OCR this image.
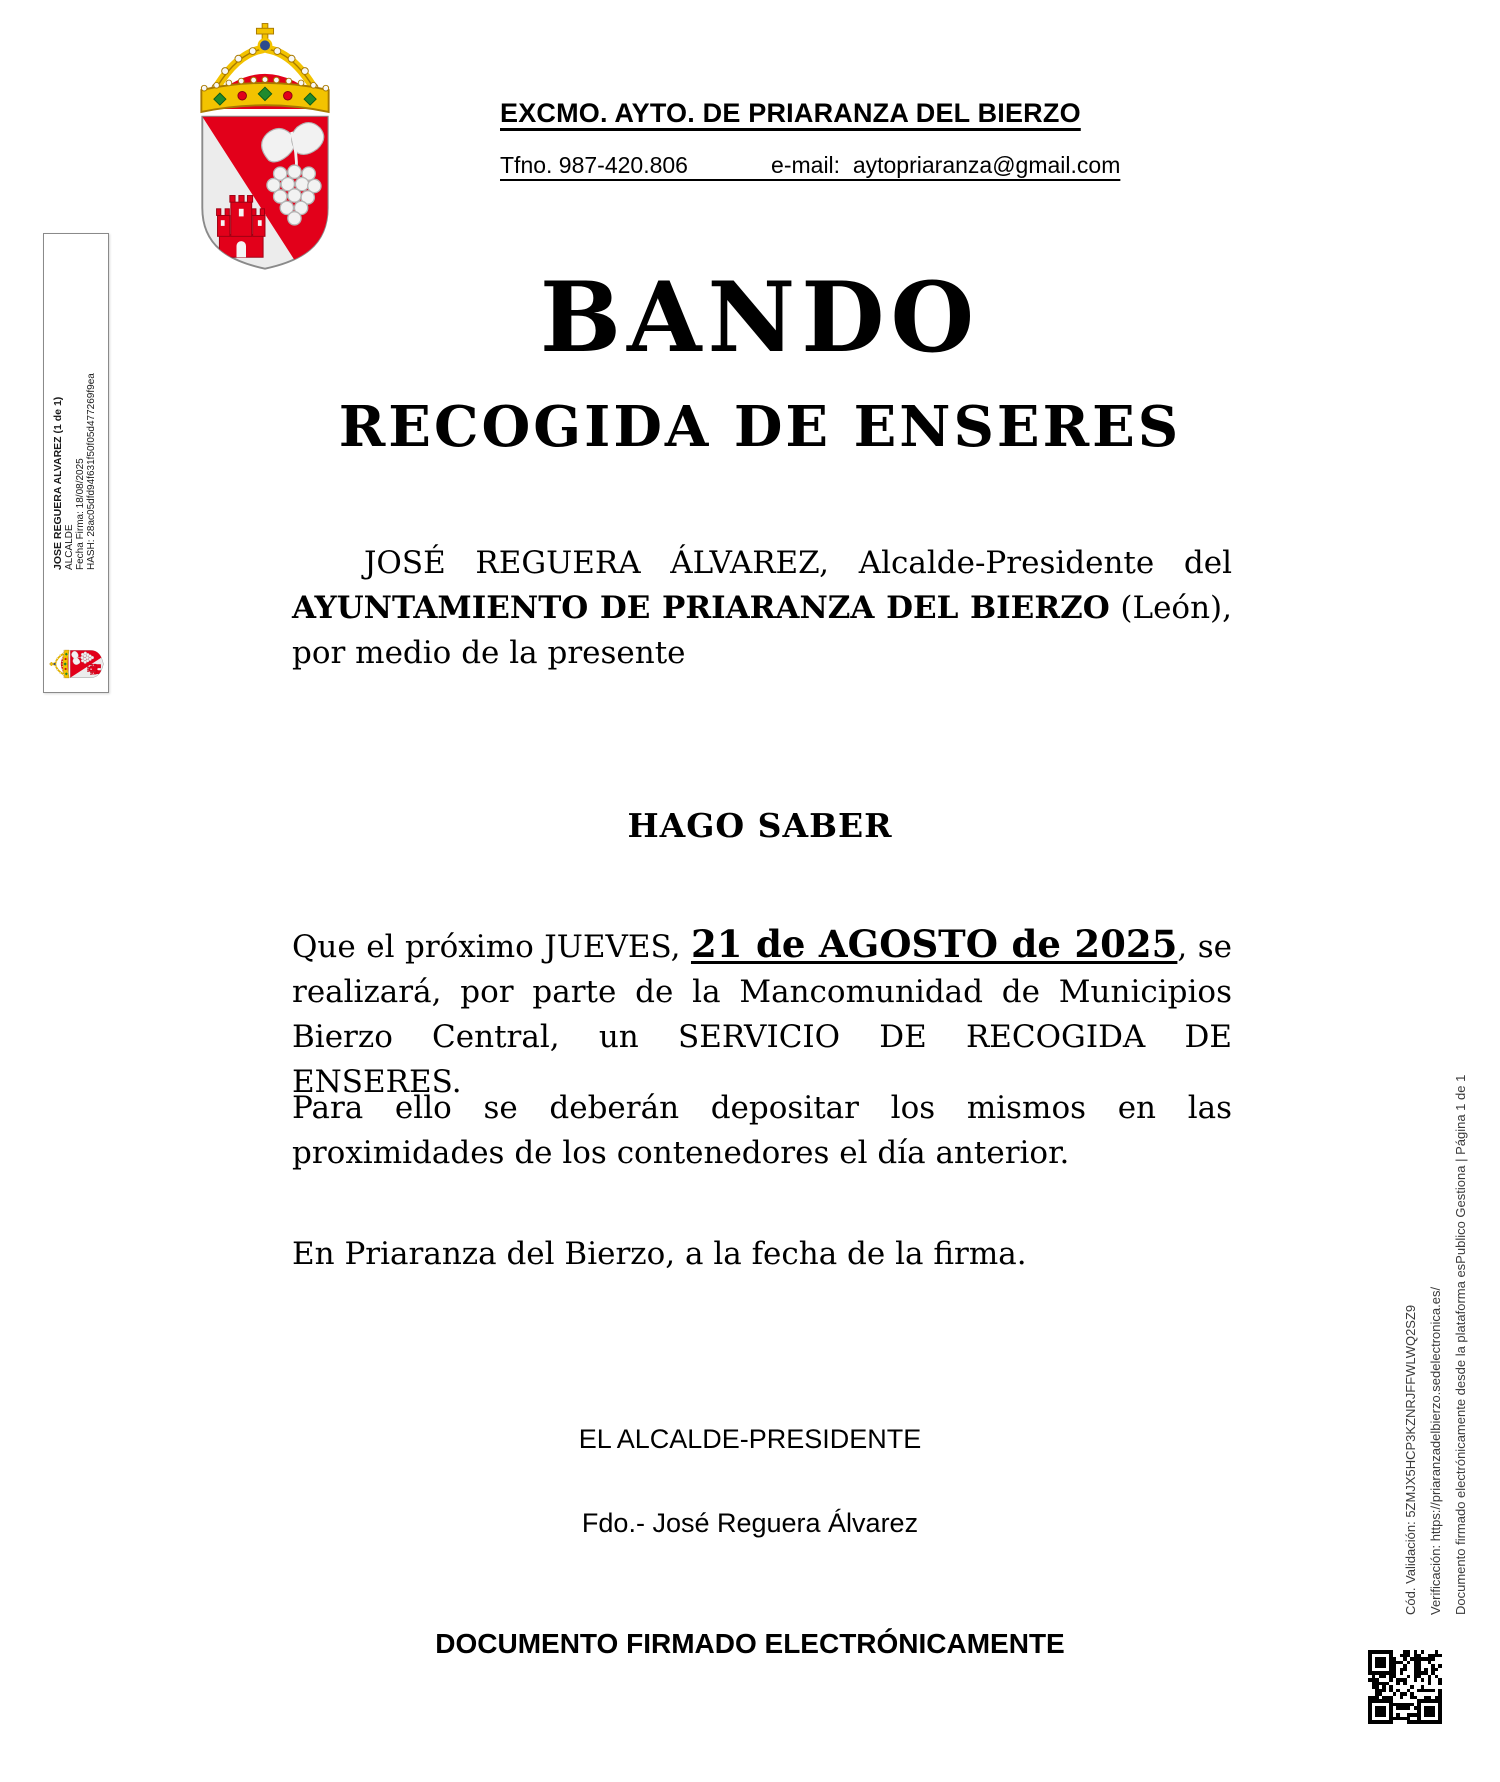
EXCMO. AYTO. DE PRIARANZA DEL BIERZO
Tfno. 987-420.806             e-mail:  aytopriaranza@gmail.com
JOSE REGUERA ALVAREZ (1 de 1) ALCALDE Fecha Firma: 18/08/2025 HASH: 28ac05dfd94f631f50f05d477269f9ea
BANDO
RECOGIDA DE ENSERES
JOSÉ REGUERA ÁLVAREZ, Alcalde-Presidente del AYUNTAMIENTO DE PRIARANZA DEL BIERZO (León), por medio de la presente
HAGO SABER
Que el próximo JUEVES, 21 de AGOSTO de 2025, se realizará, por parte de la Mancomunidad de Municipios Bierzo Central, un SERVICIO DE RECOGIDA DE ENSERES.
Para ello se deberán depositar los mismos en las proximidades de los contenedores el día anterior.
En Priaranza del Bierzo, a la fecha de la firma.
EL ALCALDE-PRESIDENTE
Fdo.- José Reguera Álvarez
DOCUMENTO FIRMADO ELECTRÓNICAMENTE
Cód. Validación: 5ZMJX5HCP3KZNRJFFWLWQ2SZ9 Verificación: https://priaranzadelbierzo.sedelectronica.es/ Documento firmado electrónicamente desde la plataforma esPublico Gestiona | Página 1 de 1
